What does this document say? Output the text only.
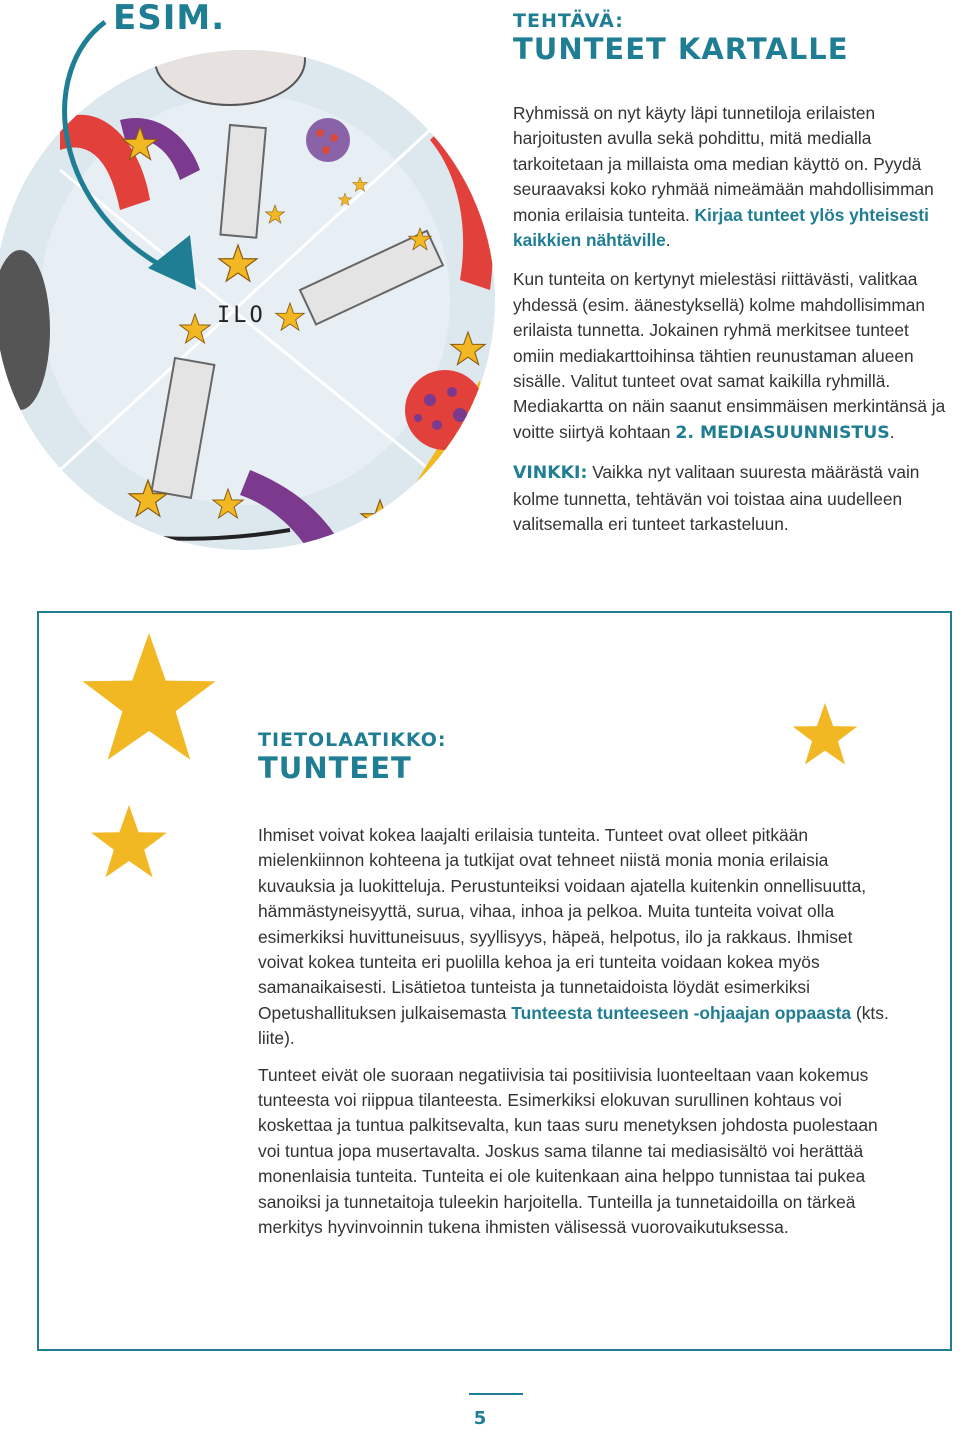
ILO
ESIM.	TEHTÄVÄ:

TUNTEET KARTALLE

Ryhmissä on nyt käyty läpi tunnetiloja erilaisten harjoitusten avulla sekä pohdittu, mitä medialla tarkoitetaan ja millaista oma median käyttö on. Pyydä seuraavaksi koko ryhmää nimeämään mahdollisimman monia erilaisia tunteita. Kirjaa tunteet ylös yhteisesti kaikkien nähtäville.

Kun tunteita on kertynyt mielestäsi riittävästi, valitkaa yhdessä (esim. äänestyksellä) kolme mahdollisimman erilaista tunnetta. Jokainen ryhmä merkitsee tunteet omiin mediakarttoihinsa tähtien reunustaman alueen sisälle. Valitut tunteet ovat samat kaikilla ryhmillä. Mediakartta on näin saanut ensimmäisen merkintänsä ja voitte siirtyä kohtaan 2. MEDIASUUNNISTUS.

VINKKI: Vaikka nyt valitaan suuresta määrästä vain kolme tunnetta, tehtävän voi toistaa aina uudelleen valitsemalla eri tunteet tarkasteluun.

TIETOLAATIKKO:

TUNTEET

Ihmiset voivat kokea laajalti erilaisia tunteita. Tunteet ovat olleet pitkään mielenkiinnon kohteena ja tutkijat ovat tehneet niistä monia monia erilaisia kuvauksia ja luokitteluja. Perustunteiksi voidaan ajatella kuitenkin onnellisuutta, hämmästyneisyyttä, surua, vihaa, inhoa ja pelkoa. Muita tunteita voivat olla esimerkiksi huvittuneisuus, syyllisyys, häpeä, helpotus, ilo ja rakkaus. Ihmiset voivat kokea tunteita eri puolilla kehoa ja eri tunteita voidaan kokea myös samanaikaisesti. Lisätietoa tunteista ja tunnetaidoista löydät esimerkiksi Opetushallituksen julkaisemasta Tunteesta tunteeseen -ohjaajan oppaasta (kts. liite).

Tunteet eivät ole suoraan negatiivisia tai positiivisia luonteeltaan vaan kokemus tunteesta voi riippua tilanteesta. Esimerkiksi elokuvan surullinen kohtaus voi koskettaa ja tuntua palkitsevalta, kun taas suru menetyksen johdosta puolestaan voi tuntua jopa musertavalta. Joskus sama tilanne tai mediasisältö voi herättää monenlaisia tunteita. Tunteita ei ole kuitenkaan aina helppo tunnistaa tai pukea sanoiksi ja tunnetaitoja tuleekin harjoitella. Tunteilla ja tunnetaidoilla on tärkeä merkitys hyvinvoinnin tukena ihmisten välisessä vuorovaikutuksessa.

5
